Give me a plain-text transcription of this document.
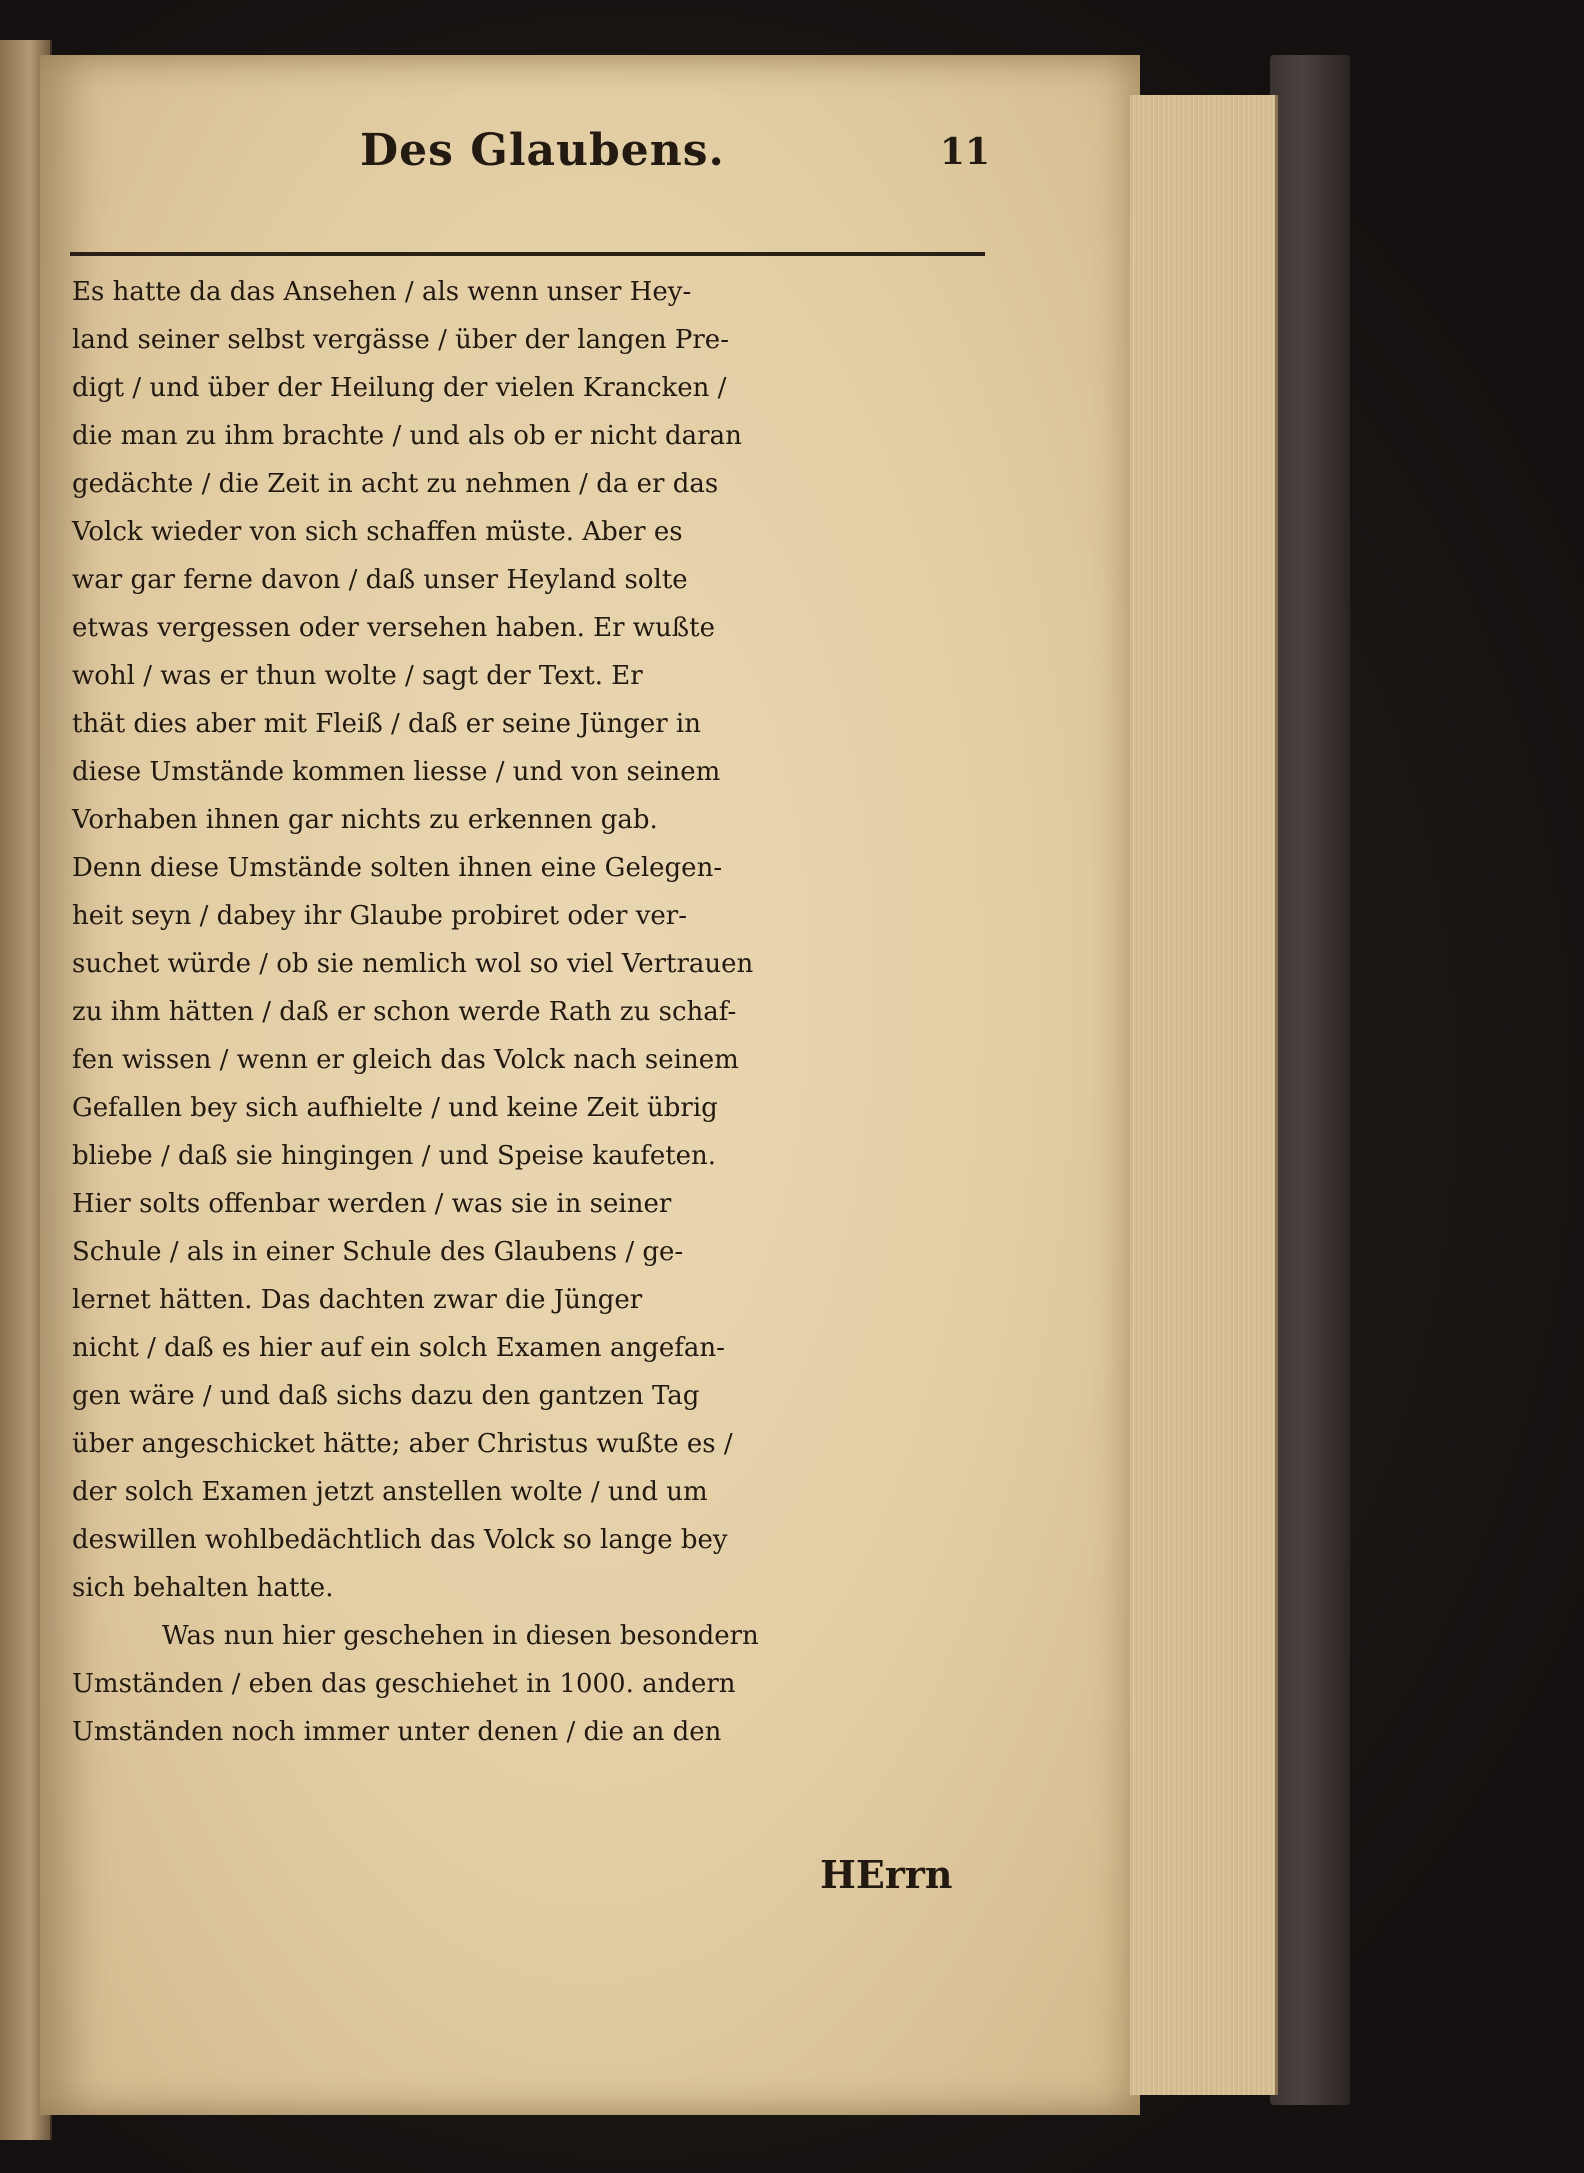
Des Glaubens.	11
Es hatte da das Ansehen / als wenn unser Hey-
land seiner selbst vergässe / über der langen Pre-
digt / und über der Heilung der vielen Krancken /
die man zu ihm brachte / und als ob er nicht daran
gedächte / die Zeit in acht zu nehmen / da er das
Volck wieder von sich schaffen müste. Aber es
war gar ferne davon / daß unser Heyland solte
etwas vergessen oder versehen haben. Er wußte
wohl / was er thun wolte / sagt der Text. Er
thät dies aber mit Fleiß / daß er seine Jünger in
diese Umstände kommen liesse / und von seinem
Vorhaben ihnen gar nichts zu erkennen gab.
Denn diese Umstände solten ihnen eine Gelegen-
heit seyn / dabey ihr Glaube probiret oder ver-
suchet würde / ob sie nemlich wol so viel Vertrauen
zu ihm hätten / daß er schon werde Rath zu schaf-
fen wissen / wenn er gleich das Volck nach seinem
Gefallen bey sich aufhielte / und keine Zeit übrig
bliebe / daß sie hingingen / und Speise kaufeten.
Hier solts offenbar werden / was sie in seiner
Schule / als in einer Schule des Glaubens / ge-
lernet hätten. Das dachten zwar die Jünger
nicht / daß es hier auf ein solch Examen angefan-
gen wäre / und daß sichs dazu den gantzen Tag
über angeschicket hätte; aber Christus wußte es /
der solch Examen jetzt anstellen wolte / und um
deswillen wohlbedächtlich das Volck so lange bey
sich behalten hatte.
Was nun hier geschehen in diesen besondern
Umständen / eben das geschiehet in 1000. andern
Umständen noch immer unter denen / die an den
HErrn
